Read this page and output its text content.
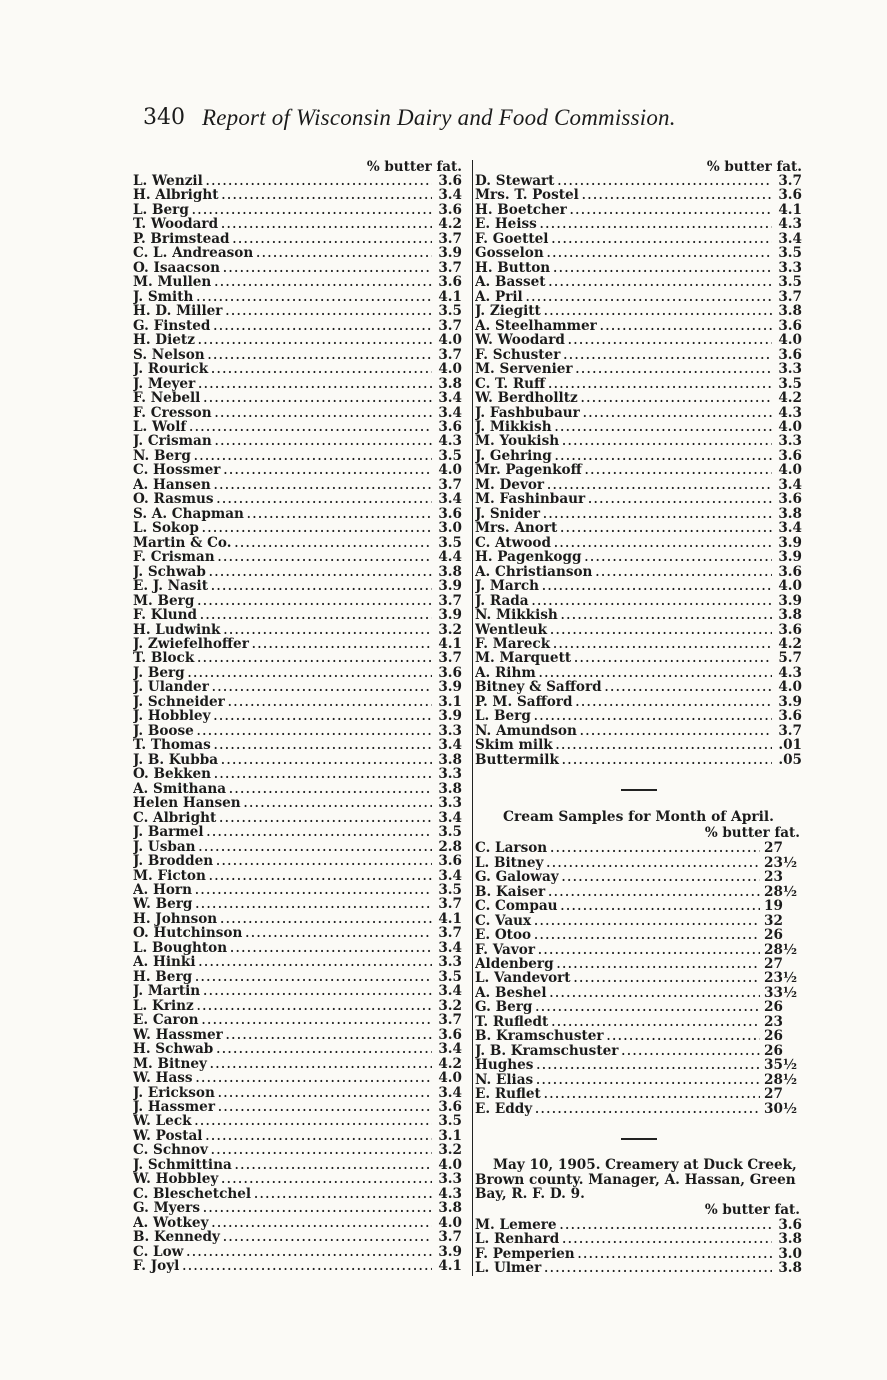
340 Report of Wisconsin Dairy and Food Commission.
% butter fat.
L. Wenzil .....	3.6
H. Albright .....	3.4
L. Berg .....	3.6
T. Woodard .....	4.2
P. Brimstead .....	3.7
C. L. Andreason .....	3.9
O. Isaacson .....	3.7
M. Mullen .....	3.6
J. Smith .....	4.1
H. D. Miller .....	3.5
G. Finsted .....	3.7
H. Dietz .....	4.0
S. Nelson .....	3.7
J. Rourick .....	4.0
J. Meyer .....	3.8
F. Nebell .....	3.4
F. Cresson .....	3.4
L. Wolf .....	3.6
J. Crisman .....	4.3
N. Berg .....	3.5
C. Hossmer .....	4.0
A. Hansen .....	3.7
O. Rasmus .....	3.4
S. A. Chapman .....	3.6
L. Sokop .....	3.0
Martin & Co. .....	3.5
F. Crisman .....	4.4
J. Schwab .....	3.8
E. J. Nasit .....	3.9
M. Berg .....	3.7
F. Klund .....	3.9
H. Ludwink .....	3.2
J. Zwiefelhoffer .....	4.1
T. Block .....	3.7
J. Berg .....	3.6
J. Ulander .....	3.9
J. Schneider .....	3.1
J. Hobbley .....	3.9
J. Boose .....	3.3
T. Thomas .....	3.4
J. B. Kubba .....	3.8
O. Bekken .....	3.3
A. Smithana .....	3.8
Helen Hansen .....	3.3
C. Albright .....	3.4
J. Barmel .....	3.5
J. Usban .....	2.8
J. Brodden .....	3.6
M. Ficton .....	3.4
A. Horn .....	3.5
W. Berg .....	3.7
H. Johnson .....	4.1
O. Hutchinson .....	3.7
L. Boughton .....	3.4
A. Hinki .....	3.3
H. Berg .....	3.5
J. Martin .....	3.4
L. Krinz .....	3.2
E. Caron .....	3.7
W. Hassmer .....	3.6
H. Schwab .....	3.4
M. Bitney .....	4.2
W. Hass .....	4.0
J. Erickson .....	3.4
J. Hassmer .....	3.6
W. Leck .....	3.5
W. Postal .....	3.1
C. Schnov .....	3.2
J. Schmittina .....	4.0
W. Hobbley .....	3.3
C. Bleschetchel .....	4.3
G. Myers .....	3.8
A. Wotkey .....	4.0
B. Kennedy .....	3.7
C. Low .....	3.9
F. Joyl .....	4.1
% butter fat.
D. Stewart .....	3.7
Mrs. T. Postel .....	3.6
H. Boetcher .....	4.1
E. Heiss .....	4.3
F. Goettel .....	3.4
Gosselon .....	3.5
H. Button .....	3.3
A. Basset .....	3.5
A. Pril .....	3.7
J. Ziegitt .....	3.8
A. Steelhammer .....	3.6
W. Woodard .....	4.0
F. Schuster .....	3.6
M. Servenier .....	3.3
C. T. Ruff .....	3.5
W. Berdholltz .....	4.2
J. Fashbubaur .....	4.3
J. Mikkish .....	4.0
M. Youkish .....	3.3
J. Gehring .....	3.6
Mr. Pagenkoff .....	4.0
M. Devor .....	3.4
M. Fashinbaur .....	3.6
J. Snider .....	3.8
Mrs. Anort .....	3.4
C. Atwood .....	3.9
H. Pagenkogg .....	3.9
A. Christianson .....	3.6
J. March .....	4.0
J. Rada .....	3.9
N. Mikkish .....	3.8
Wentleuk .....	3.6
F. Mareck .....	4.2
M. Marquett .....	5.7
A. Rihm .....	4.3
Bitney & Safford .....	4.0
P. M. Safford .....	3.9
L. Berg .....	3.6
N. Amundson .....	3.7
Skim milk .....	.01
Buttermilk .....	.05
Cream Samples for Month of April.
% butter fat.
C. Larson .....	27
L. Bitney .....	23½
G. Galoway .....	23
B. Kaiser .....	28½
C. Compau .....	19
C. Vaux .....	32
E. Otoo .....	26
F. Vavor .....	28½
Aldenberg .....	27
L. Vandevort .....	23½
A. Beshel .....	33½
G. Berg .....	26
T. Rufledt .....	23
B. Kramschuster .....	26
J. B. Kramschuster .....	26
Hughes .....	35½
N. Elias .....	28½
E. Ruflet .....	27
E. Eddy .....	30½
May 10, 1905. Creamery at Duck Creek, Brown county. Manager, A. Hassan, Green Bay, R. F. D. 9.
% butter fat.
M. Lemere .....	3.6
L. Renhard .....	3.8
F. Pemperien .....	3.0
L. Ulmer .....	3.8
